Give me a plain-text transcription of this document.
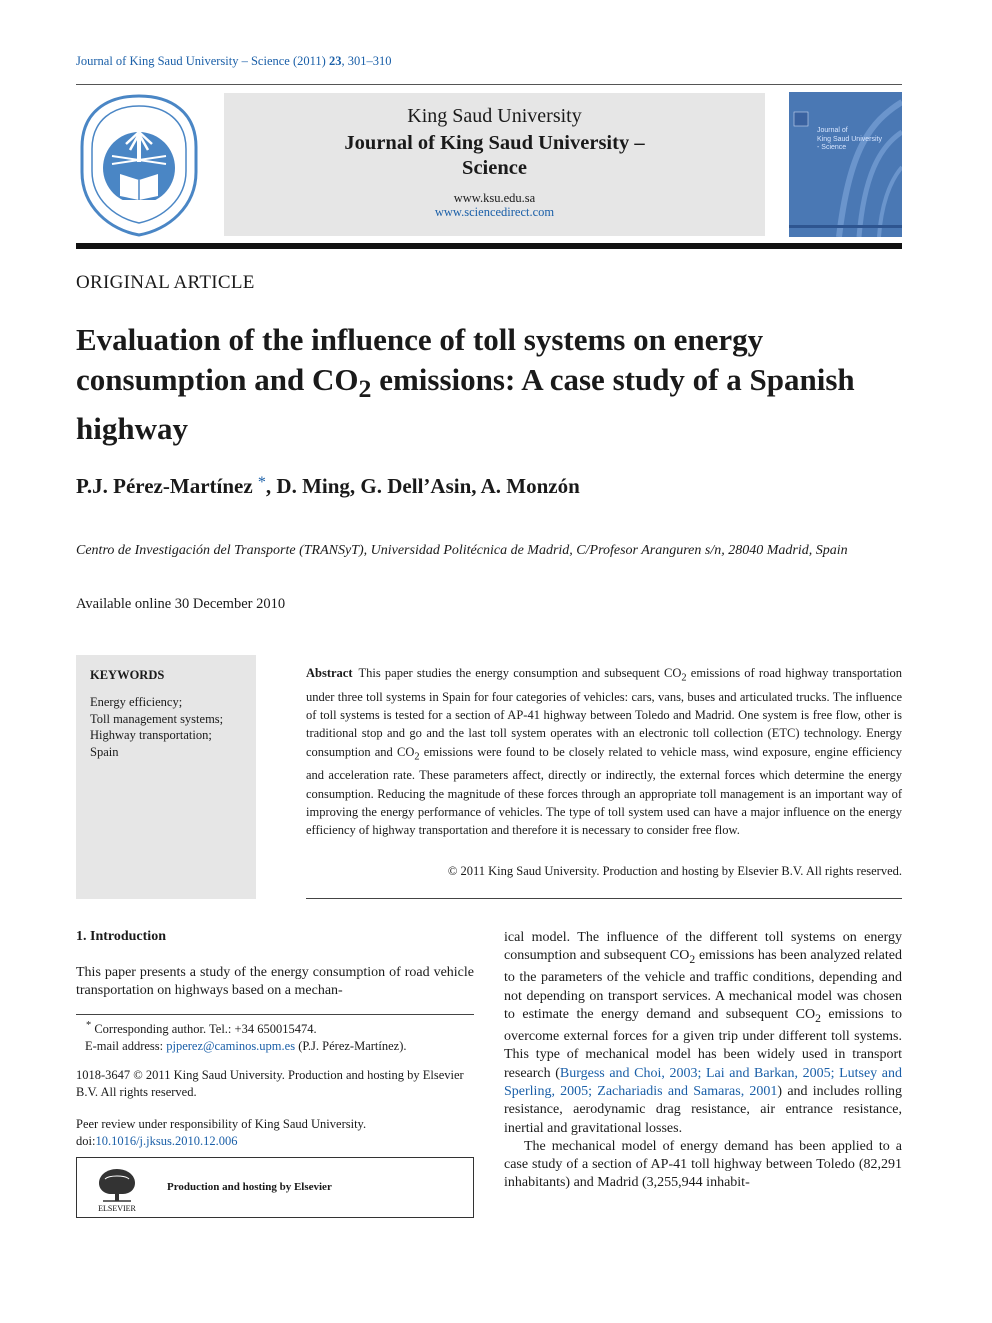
Journal of King Saud University – Science (2011) 23, 301–310
King Saud University
Journal of King Saud University –
Science
www.ksu.edu.sa
www.sciencedirect.com
Journal of
King Saud University
- Science
ORIGINAL ARTICLE
Evaluation of the influence of toll systems on energy consumption and $CO_2$ emissions: A case study of a Spanish highway
P.J. Pérez-Martínez *, D. Ming, G. Dell’Asin, A. Monzón
Centro de Investigación del Transporte (TRANSyT), Universidad Politécnica de Madrid, C/Profesor Aranguren s/n, 28040 Madrid, Spain
Available online 30 December 2010
KEYWORDS
Energy efficiency;
Toll management systems;
Highway transportation;
Spain
Abstract This paper studies the energy consumption and subsequent $CO_2$ emissions of road highway transportation under three toll systems in Spain for four categories of vehicles: cars, vans, buses and articulated trucks. The influence of toll systems is tested for a section of AP-41 highway between Toledo and Madrid. One system is free flow, other is traditional stop and go and the last toll system operates with an electronic toll collection (ETC) technology. Energy consumption and $CO_2$ emissions were found to be closely related to vehicle mass, wind exposure, engine efficiency and acceleration rate. These parameters affect, directly or indirectly, the external forces which determine the energy consumption. Reducing the magnitude of these forces through an appropriate toll management is an important way of improving the energy performance of vehicles. The type of toll system used can have a major influence on the energy efficiency of highway transportation and therefore it is necessary to consider free flow.
© 2011 King Saud University. Production and hosting by Elsevier B.V. All rights reserved.
1. Introduction
This paper presents a study of the energy consumption of road vehicle transportation on highways based on a mechan-
ical model. The influence of the different toll systems on energy consumption and subsequent $CO_2$ emissions has been analyzed related to the parameters of the vehicle and traffic conditions, depending and not depending on transport services. A mechanical model was chosen to estimate the energy demand and subsequent $CO_2$ emissions to overcome external forces for a given trip under different toll systems. This type of mechanical model has been widely used in transport research (Burgess and Choi, 2003; Lai and Barkan, 2005; Lutsey and Sperling, 2005; Zachariadis and Samaras, 2001) and includes rolling resistance, aerodynamic drag resistance, air entrance resistance, inertial and gravitational losses.
The mechanical model of energy demand has been applied to a case study of a section of AP-41 toll highway between Toledo (82,291 inhabitants) and Madrid (3,255,944 inhabit-
* Corresponding author. Tel.: +34 650015474.
E-mail address: pjperez@caminos.upm.es (P.J. Pérez-Martínez).
1018-3647 © 2011 King Saud University. Production and hosting by Elsevier B.V. All rights reserved.
Peer review under responsibility of King Saud University.
doi:10.1016/j.jksus.2010.12.006
ELSEVIER
Production and hosting by Elsevier
